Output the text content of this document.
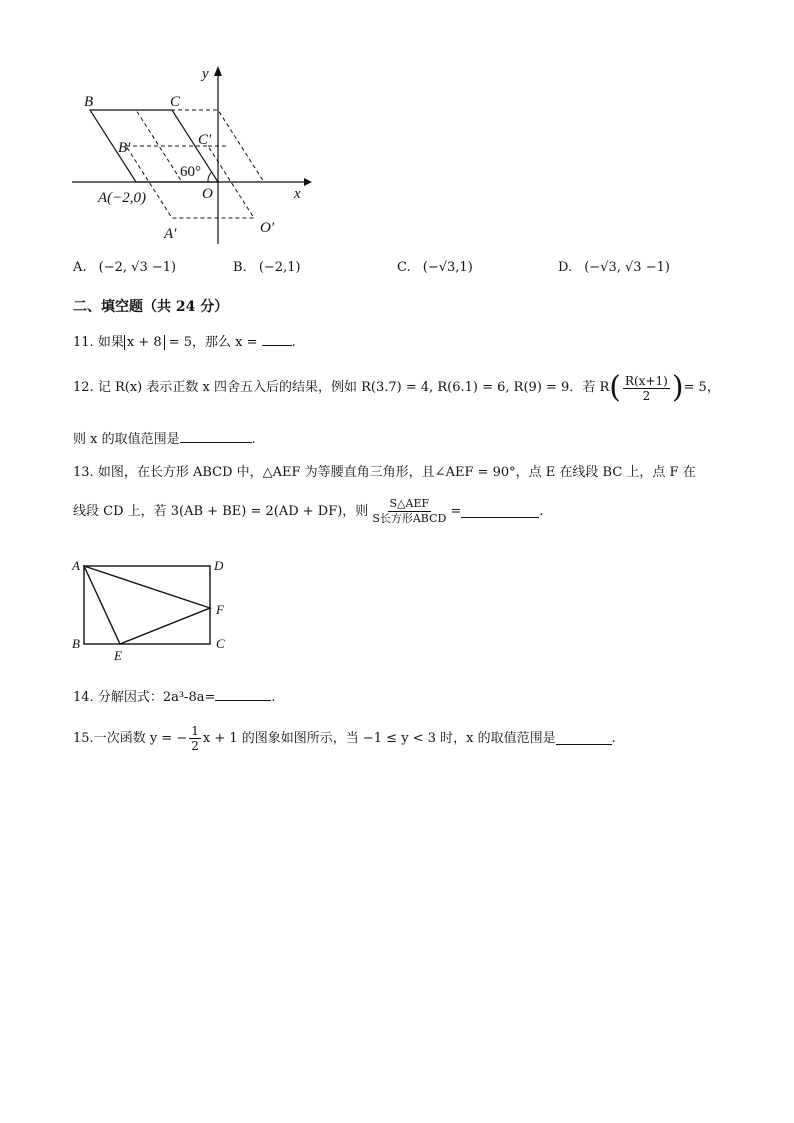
y
x
B	C
C′
B′
60°
O
A(−2,0)
A′	O′
A. (−2, √3 −1)	B. (−2,1)	C. (−√3,1)	D. (−√3, √3 −1)
二、填空题（共 24 分）
11. 如果 x + 8 = 5，那么 x = .
12.
记 R(x) 表示正数 x 四舍五入后的结果，例如 R(3.7) = 4, R(6.1) = 6, R(9) = 9．若 R ( $\frac{R(x+1)}{2}$ ) = 5，
则 x 的取值范围是	.
13. 如图，在长方形 ABCD 中，△AEF 为等腰直角三角形，且∠AEF = 90°，点 E 在线段 BC 上，点 F 在
线段 CD 上，若 3(AB + BE) = 2(AD + DF)，则 $\frac{\text{S△AEF}}{\text{S长方形ABCD}}$ =	.
A	D
F
B
E
C
14. 分解因式：2a³-8a=	.
15. 一次函数 y = − $\frac{1}{2}$ x + 1 的图象如图所示，当 −1 ≤ y < 3 时，x 的取值范围是	.
